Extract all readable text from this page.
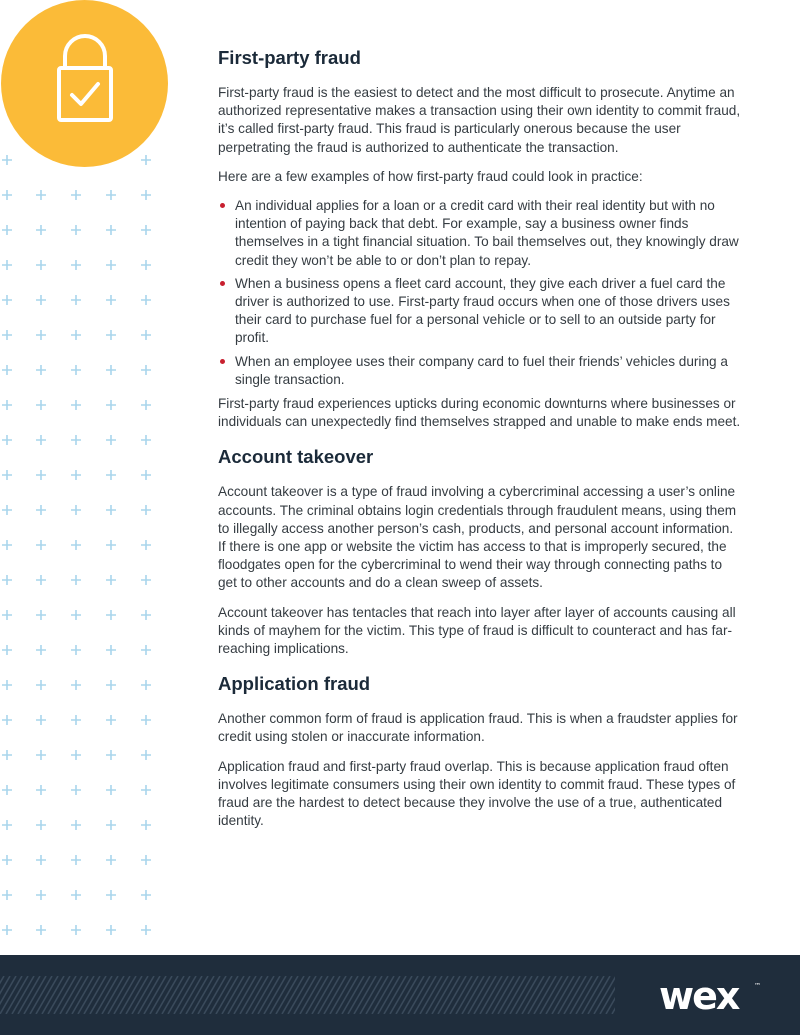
First-party fraud

First-party fraud is the easiest to detect and the most difficult to prosecute. Anytime an authorized representative makes a transaction using their own identity to commit fraud, it’s called first-party fraud. This fraud is particularly onerous because the user perpetrating the fraud is authorized to authenticate the transaction.

Here are a few examples of how first-party fraud could look in practice:

An individual applies for a loan or a credit card with their real identity but with no intention of paying back that debt. For example, say a business owner finds themselves in a tight financial situation. To bail themselves out, they knowingly draw credit they won’t be able to or don’t plan to repay.
When a business opens a fleet card account, they give each driver a fuel card the driver is authorized to use. First-party fraud occurs when one of those drivers uses their card to purchase fuel for a personal vehicle or to sell to an outside party for profit.
When an employee uses their company card to fuel their friends’ vehicles during a single transaction.

First-party fraud experiences upticks during economic downturns where businesses or individuals can unexpectedly find themselves strapped and unable to make ends meet.

Account takeover

Account takeover is a type of fraud involving a cybercriminal accessing a user’s online accounts. The criminal obtains login credentials through fraudulent means, using them to illegally access another person’s cash, products, and personal account information. If there is one app or website the victim has access to that is improperly secured, the floodgates open for the cybercriminal to wend their way through connecting paths to get to other accounts and do a clean sweep of assets.

Account takeover has tentacles that reach into layer after layer of accounts causing all kinds of mayhem for the victim. This type of fraud is difficult to counteract and has far-reaching implications.

Application fraud

Another common form of fraud is application fraud. This is when a fraudster applies for credit using stolen or inaccurate information.

Application fraud and first-party fraud overlap. This is because application fraud often involves legitimate consumers using their own identity to commit fraud. These types of fraud are the hardest to detect because they involve the use of a true, authenticated identity.

wex ™
